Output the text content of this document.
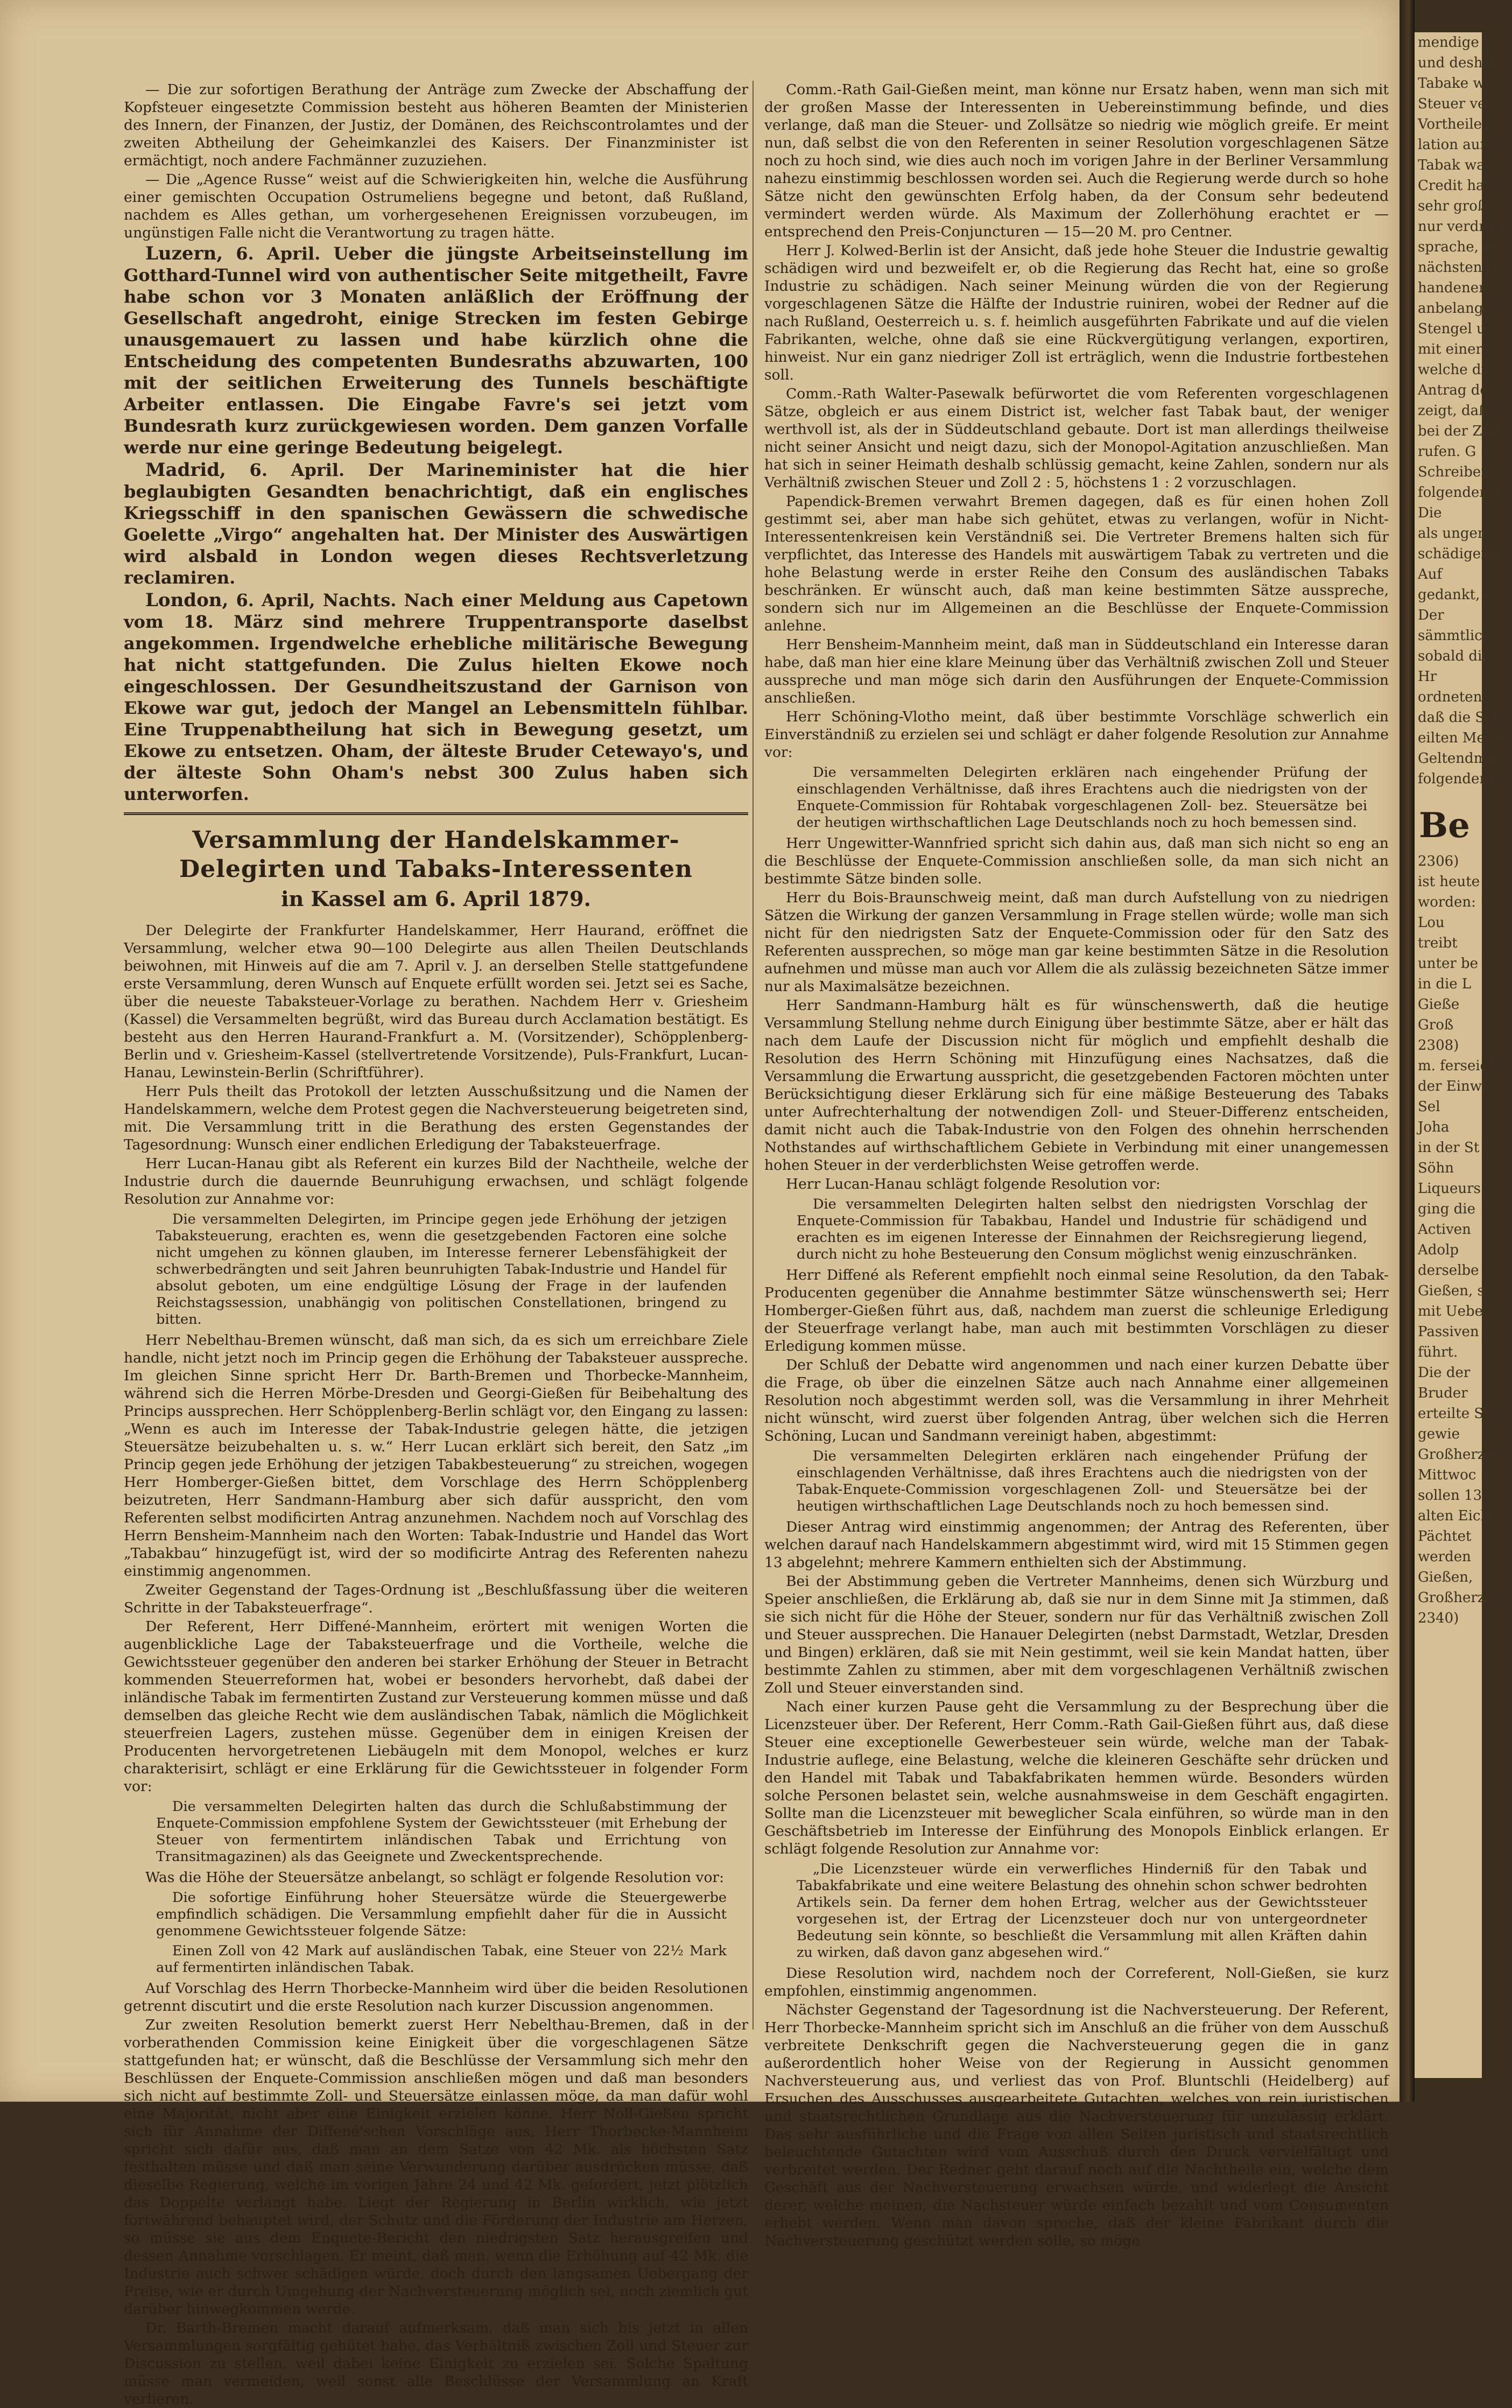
— Die zur sofortigen Berathung der Anträge zum Zwecke der Abschaffung der Kopfsteuer eingesetzte Commission besteht aus höheren Beamten der Ministerien des Innern, der Finanzen, der Justiz, der Domänen, des Reichscontrolamtes und der zweiten Abtheilung der Geheimkanzlei des Kaisers. Der Finanzminister ist ermächtigt, noch andere Fachmänner zuzuziehen.

— Die „Agence Russe“ weist auf die Schwierigkeiten hin, welche die Ausführung einer gemischten Occupation Ostrumeliens begegne und betont, daß Rußland, nachdem es Alles gethan, um vorhergesehenen Ereignissen vorzubeugen, im ungünstigen Falle nicht die Verantwortung zu tragen hätte.

Luzern, 6. April. Ueber die jüngste Arbeitseinstellung im Gotthard-Tunnel wird von authentischer Seite mitgetheilt, Favre habe schon vor 3 Monaten anläßlich der Eröffnung der Gesellschaft angedroht, einige Strecken im festen Gebirge unausgemauert zu lassen und habe kürzlich ohne die Entscheidung des competenten Bundesraths abzuwarten, 100 mit der seitlichen Erweiterung des Tunnels beschäftigte Arbeiter entlassen. Die Eingabe Favre's sei jetzt vom Bundesrath kurz zurückgewiesen worden. Dem ganzen Vorfalle werde nur eine geringe Bedeutung beigelegt.

Madrid, 6. April. Der Marineminister hat die hier beglaubigten Gesandten benachrichtigt, daß ein englisches Kriegsschiff in den spanischen Gewässern die schwedische Goelette „Virgo“ angehalten hat. Der Minister des Auswärtigen wird alsbald in London wegen dieses Rechtsverletzung reclamiren.

London, 6. April, Nachts. Nach einer Meldung aus Capetown vom 18. März sind mehrere Truppentransporte daselbst angekommen. Irgendwelche erhebliche militärische Bewegung hat nicht stattgefunden. Die Zulus hielten Ekowe noch eingeschlossen. Der Gesundheitszustand der Garnison von Ekowe war gut, jedoch der Mangel an Lebensmitteln fühlbar. Eine Truppenabtheilung hat sich in Bewegung gesetzt, um Ekowe zu entsetzen. Oham, der älteste Bruder Cetewayo's, und der älteste Sohn Oham's nebst 300 Zulus haben sich unterworfen.

Versammlung der Handelskammer-Delegirten und Tabaks-Interessenten
in Kassel am 6. April 1879.

Der Delegirte der Frankfurter Handelskammer, Herr Haurand, eröffnet die Versammlung, welcher etwa 90—100 Delegirte aus allen Theilen Deutschlands beiwohnen, mit Hinweis auf die am 7. April v. J. an derselben Stelle stattgefundene erste Versammlung, deren Wunsch auf Enquete erfüllt worden sei. Jetzt sei es Sache, über die neueste Tabaksteuer-Vorlage zu berathen. Nachdem Herr v. Griesheim (Kassel) die Versammelten begrüßt, wird das Bureau durch Acclamation bestätigt. Es besteht aus den Herren Haurand-Frankfurt a. M. (Vorsitzender), Schöpplenberg-Berlin und v. Griesheim-Kassel (stellvertretende Vorsitzende), Puls-Frankfurt, Lucan-Hanau, Lewinstein-Berlin (Schriftführer).

Herr Puls theilt das Protokoll der letzten Ausschußsitzung und die Namen der Handelskammern, welche dem Protest gegen die Nachversteuerung beigetreten sind, mit. Die Versammlung tritt in die Berathung des ersten Gegenstandes der Tagesordnung: Wunsch einer endlichen Erledigung der Tabaksteuerfrage.

Herr Lucan-Hanau gibt als Referent ein kurzes Bild der Nachtheile, welche der Industrie durch die dauernde Beunruhigung erwachsen, und schlägt folgende Resolution zur Annahme vor:

Die versammelten Delegirten, im Principe gegen jede Erhöhung der jetzigen Tabaksteuerung, erachten es, wenn die gesetzgebenden Factoren eine solche nicht umgehen zu können glauben, im Interesse fernerer Lebensfähigkeit der schwerbedrängten und seit Jahren beunruhigten Tabak-Industrie und Handel für absolut geboten, um eine endgültige Lösung der Frage in der laufenden Reichstagssession, unabhängig von politischen Constellationen, bringend zu bitten.

Herr Nebelthau-Bremen wünscht, daß man sich, da es sich um erreichbare Ziele handle, nicht jetzt noch im Princip gegen die Erhöhung der Tabaksteuer ausspreche. Im gleichen Sinne spricht Herr Dr. Barth-Bremen und Thorbecke-Mannheim, während sich die Herren Mörbe-Dresden und Georgi-Gießen für Beibehaltung des Princips aussprechen. Herr Schöpplenberg-Berlin schlägt vor, den Eingang zu lassen: „Wenn es auch im Interesse der Tabak-Industrie gelegen hätte, die jetzigen Steuersätze beizubehalten u. s. w.“ Herr Lucan erklärt sich bereit, den Satz „im Princip gegen jede Erhöhung der jetzigen Tabakbesteuerung“ zu streichen, wogegen Herr Homberger-Gießen bittet, dem Vorschlage des Herrn Schöpplenberg beizutreten, Herr Sandmann-Hamburg aber sich dafür ausspricht, den vom Referenten selbst modificirten Antrag anzunehmen. Nachdem noch auf Vorschlag des Herrn Bensheim-Mannheim nach den Worten: Tabak-Industrie und Handel das Wort „Tabakbau“ hinzugefügt ist, wird der so modificirte Antrag des Referenten nahezu einstimmig angenommen.

Zweiter Gegenstand der Tages-Ordnung ist „Beschlußfassung über die weiteren Schritte in der Tabaksteuerfrage“.

Der Referent, Herr Diffené-Mannheim, erörtert mit wenigen Worten die augenblickliche Lage der Tabaksteuerfrage und die Vortheile, welche die Gewichtssteuer gegenüber den anderen bei starker Erhöhung der Steuer in Betracht kommenden Steuerreformen hat, wobei er besonders hervorhebt, daß dabei der inländische Tabak im fermentirten Zustand zur Versteuerung kommen müsse und daß demselben das gleiche Recht wie dem ausländischen Tabak, nämlich die Möglichkeit steuerfreien Lagers, zustehen müsse. Gegenüber dem in einigen Kreisen der Producenten hervorgetretenen Liebäugeln mit dem Monopol, welches er kurz charakterisirt, schlägt er eine Erklärung für die Gewichtssteuer in folgender Form vor:

Die versammelten Delegirten halten das durch die Schlußabstimmung der Enquete-Commission empfohlene System der Gewichtssteuer (mit Erhebung der Steuer von fermentirtem inländischen Tabak und Errichtung von Transitmagazinen) als das Geeignete und Zweckentsprechende.

Was die Höhe der Steuersätze anbelangt, so schlägt er folgende Resolution vor:

Die sofortige Einführung hoher Steuersätze würde die Steuergewerbe empfindlich schädigen. Die Versammlung empfiehlt daher für die in Aussicht genommene Gewichtssteuer folgende Sätze:

Einen Zoll von 42 Mark auf ausländischen Tabak, eine Steuer von 22½ Mark auf fermentirten inländischen Tabak.

Auf Vorschlag des Herrn Thorbecke-Mannheim wird über die beiden Resolutionen getrennt discutirt und die erste Resolution nach kurzer Discussion angenommen.

Zur zweiten Resolution bemerkt zuerst Herr Nebelthau-Bremen, daß in der vorberathenden Commission keine Einigkeit über die vorgeschlagenen Sätze stattgefunden hat; er wünscht, daß die Beschlüsse der Versammlung sich mehr den Beschlüssen der Enquete-Commission anschließen mögen und daß man besonders sich nicht auf bestimmte Zoll- und Steuersätze einlassen möge, da man dafür wohl eine Majorität, nicht aber eine Einigkeit erzielen könne. Herr Noll-Gießen spricht sich für Annahme der Diffené'schen Vorschläge aus, Herr Thorbecke-Mannheim spricht sich dafür aus, daß man an dem Satze von 42 Mk. als höchsten Satz festhalten müsse und daß man seine Verwunderung darüber ausdrücken müsse, daß dieselbe Regierung, welche im vorigen Jahre 24 und 42 Mk. gefordert, jetzt plötzlich das Doppelte verlangt habe. Liegt der Regierung in Berlin wirklich, wie jetzt fortwährend behauptet wird, der Schutz und die Förderung der Industrie am Herzen, so müsse sie aus dem Enquete-Bericht den niedrigsten Satz herausgreifen und dessen Annahme vorschlagen. Er meint, daß man, wenn die Erhöhung auf 42 Mk. die Industrie auch schwer schädigen würde, doch durch den langsamen Uebergang der Preise, wie er durch Umgehung der Nachversteuerung möglich sei, noch ziemlich gut darüber hinwegkommen werde.

Dr. Barth-Bremen macht darauf aufmerksam, daß man sich bis jetzt in allen Versammlungen sorgfältig gehütet habe, das Verhältniß zwischen Zoll und Steuer zur Discussion zu stellen, weil dabei keine Einigkeit zu erzielen sei. Solche Spaltung müsse man vermeiden, weil sonst alle Beschlüsse der Versammlung an Kraft verlieren.

Comm.-Rath Gail-Gießen meint, man könne nur Ersatz haben, wenn man sich mit der großen Masse der Interessenten in Uebereinstimmung befinde, und dies verlange, daß man die Steuer- und Zollsätze so niedrig wie möglich greife. Er meint nun, daß selbst die von den Referenten in seiner Resolution vorgeschlagenen Sätze noch zu hoch sind, wie dies auch noch im vorigen Jahre in der Berliner Versammlung nahezu einstimmig beschlossen worden sei. Auch die Regierung werde durch so hohe Sätze nicht den gewünschten Erfolg haben, da der Consum sehr bedeutend vermindert werden würde. Als Maximum der Zollerhöhung erachtet er — entsprechend den Preis-Conjuncturen — 15—20 M. pro Centner.

Herr J. Kolwed-Berlin ist der Ansicht, daß jede hohe Steuer die Industrie gewaltig schädigen wird und bezweifelt er, ob die Regierung das Recht hat, eine so große Industrie zu schädigen. Nach seiner Meinung würden die von der Regierung vorgeschlagenen Sätze die Hälfte der Industrie ruiniren, wobei der Redner auf die nach Rußland, Oesterreich u. s. f. heimlich ausgeführten Fabrikate und auf die vielen Fabrikanten, welche, ohne daß sie eine Rückvergütigung verlangen, exportiren, hinweist. Nur ein ganz niedriger Zoll ist erträglich, wenn die Industrie fortbestehen soll.

Comm.-Rath Walter-Pasewalk befürwortet die vom Referenten vorgeschlagenen Sätze, obgleich er aus einem District ist, welcher fast Tabak baut, der weniger werthvoll ist, als der in Süddeutschland gebaute. Dort ist man allerdings theilweise nicht seiner Ansicht und neigt dazu, sich der Monopol-Agitation anzuschließen. Man hat sich in seiner Heimath deshalb schlüssig gemacht, keine Zahlen, sondern nur als Verhältniß zwischen Steuer und Zoll 2 : 5, höchstens 1 : 2 vorzuschlagen.

Papendick-Bremen verwahrt Bremen dagegen, daß es für einen hohen Zoll gestimmt sei, aber man habe sich gehütet, etwas zu verlangen, wofür in Nicht-Interessentenkreisen kein Verständniß sei. Die Vertreter Bremens halten sich für verpflichtet, das Interesse des Handels mit auswärtigem Tabak zu vertreten und die hohe Belastung werde in erster Reihe den Consum des ausländischen Tabaks beschränken. Er wünscht auch, daß man keine bestimmten Sätze ausspreche, sondern sich nur im Allgemeinen an die Beschlüsse der Enquete-Commission anlehne.

Herr Bensheim-Mannheim meint, daß man in Süddeutschland ein Interesse daran habe, daß man hier eine klare Meinung über das Verhältniß zwischen Zoll und Steuer ausspreche und man möge sich darin den Ausführungen der Enquete-Commission anschließen.

Herr Schöning-Vlotho meint, daß über bestimmte Vorschläge schwerlich ein Einverständniß zu erzielen sei und schlägt er daher folgende Resolution zur Annahme vor:

Die versammelten Delegirten erklären nach eingehender Prüfung der einschlagenden Verhältnisse, daß ihres Erachtens auch die niedrigsten von der Enquete-Commission für Rohtabak vorgeschlagenen Zoll- bez. Steuersätze bei der heutigen wirthschaftlichen Lage Deutschlands noch zu hoch bemessen sind.

Herr Ungewitter-Wannfried spricht sich dahin aus, daß man sich nicht so eng an die Beschlüsse der Enquete-Commission anschließen solle, da man sich nicht an bestimmte Sätze binden solle.

Herr du Bois-Braunschweig meint, daß man durch Aufstellung von zu niedrigen Sätzen die Wirkung der ganzen Versammlung in Frage stellen würde; wolle man sich nicht für den niedrigsten Satz der Enquete-Commission oder für den Satz des Referenten aussprechen, so möge man gar keine bestimmten Sätze in die Resolution aufnehmen und müsse man auch vor Allem die als zulässig bezeichneten Sätze immer nur als Maximalsätze bezeichnen.

Herr Sandmann-Hamburg hält es für wünschenswerth, daß die heutige Versammlung Stellung nehme durch Einigung über bestimmte Sätze, aber er hält das nach dem Laufe der Discussion nicht für möglich und empfiehlt deshalb die Resolution des Herrn Schöning mit Hinzufügung eines Nachsatzes, daß die Versammlung die Erwartung ausspricht, die gesetzgebenden Factoren möchten unter Berücksichtigung dieser Erklärung sich für eine mäßige Besteuerung des Tabaks unter Aufrechterhaltung der notwendigen Zoll- und Steuer-Differenz entscheiden, damit nicht auch die Tabak-Industrie von den Folgen des ohnehin herrschenden Nothstandes auf wirthschaftlichem Gebiete in Verbindung mit einer unangemessen hohen Steuer in der verderblichsten Weise getroffen werde.

Herr Lucan-Hanau schlägt folgende Resolution vor:

Die versammelten Delegirten halten selbst den niedrigsten Vorschlag der Enquete-Commission für Tabakbau, Handel und Industrie für schädigend und erachten es im eigenen Interesse der Einnahmen der Reichsregierung liegend, durch nicht zu hohe Besteuerung den Consum möglichst wenig einzuschränken.

Herr Diffené als Referent empfiehlt noch einmal seine Resolution, da den Tabak-Producenten gegenüber die Annahme bestimmter Sätze wünschenswerth sei; Herr Homberger-Gießen führt aus, daß, nachdem man zuerst die schleunige Erledigung der Steuerfrage verlangt habe, man auch mit bestimmten Vorschlägen zu dieser Erledigung kommen müsse.

Der Schluß der Debatte wird angenommen und nach einer kurzen Debatte über die Frage, ob über die einzelnen Sätze auch nach Annahme einer allgemeinen Resolution noch abgestimmt werden soll, was die Versammlung in ihrer Mehrheit nicht wünscht, wird zuerst über folgenden Antrag, über welchen sich die Herren Schöning, Lucan und Sandmann vereinigt haben, abgestimmt:

Die versammelten Delegirten erklären nach eingehender Prüfung der einschlagenden Verhältnisse, daß ihres Erachtens auch die niedrigsten von der Tabak-Enquete-Commission vorgeschlagenen Zoll- und Steuersätze bei der heutigen wirthschaftlichen Lage Deutschlands noch zu hoch bemessen sind.

Dieser Antrag wird einstimmig angenommen; der Antrag des Referenten, über welchen darauf nach Handelskammern abgestimmt wird, wird mit 15 Stimmen gegen 13 abgelehnt; mehrere Kammern enthielten sich der Abstimmung.

Bei der Abstimmung geben die Vertreter Mannheims, denen sich Würzburg und Speier anschließen, die Erklärung ab, daß sie nur in dem Sinne mit Ja stimmen, daß sie sich nicht für die Höhe der Steuer, sondern nur für das Verhältniß zwischen Zoll und Steuer aussprechen. Die Hanauer Delegirten (nebst Darmstadt, Wetzlar, Dresden und Bingen) erklären, daß sie mit Nein gestimmt, weil sie kein Mandat hatten, über bestimmte Zahlen zu stimmen, aber mit dem vorgeschlagenen Verhältniß zwischen Zoll und Steuer einverstanden sind.

Nach einer kurzen Pause geht die Versammlung zu der Besprechung über die Licenzsteuer über. Der Referent, Herr Comm.-Rath Gail-Gießen führt aus, daß diese Steuer eine exceptionelle Gewerbesteuer sein würde, welche man der Tabak-Industrie auflege, eine Belastung, welche die kleineren Geschäfte sehr drücken und den Handel mit Tabak und Tabakfabrikaten hemmen würde. Besonders würden solche Personen belastet sein, welche ausnahmsweise in dem Geschäft engagirten. Sollte man die Licenzsteuer mit beweglicher Scala einführen, so würde man in den Geschäftsbetrieb im Interesse der Einführung des Monopols Einblick erlangen. Er schlägt folgende Resolution zur Annahme vor:

„Die Licenzsteuer würde ein verwerfliches Hinderniß für den Tabak und Tabakfabrikate und eine weitere Belastung des ohnehin schon schwer bedrohten Artikels sein. Da ferner dem hohen Ertrag, welcher aus der Gewichtssteuer vorgesehen ist, der Ertrag der Licenzsteuer doch nur von untergeordneter Bedeutung sein könnte, so beschließt die Versammlung mit allen Kräften dahin zu wirken, daß davon ganz abgesehen wird.“

Diese Resolution wird, nachdem noch der Correferent, Noll-Gießen, sie kurz empfohlen, einstimmig angenommen.

Nächster Gegenstand der Tagesordnung ist die Nachversteuerung. Der Referent, Herr Thorbecke-Mannheim spricht sich im Anschluß an die früher von dem Ausschuß verbreitete Denkschrift gegen die Nachversteuerung gegen die in ganz außerordentlich hoher Weise von der Regierung in Aussicht genommen Nachversteuerung aus, und verliest das von Prof. Bluntschli (Heidelberg) auf Ersuchen des Ausschusses ausgearbeitete Gutachten, welches von rein juristischen und staatsrechtlichen Grundlage aus die Nachversteuerung für unzulässig erklärt. Das sehr ausführliche und die Frage von allen Seiten juristisch und staatsrechtlich beleuchtende Gutachten wird vom Ausschuß durch den Druck vervielfältigt und verbreitet werden. Der Redner geht darauf noch auf die Nachtheile ein, welche dem Geschäft aus der Nachversteuerung erwachsen würde, und widerlegt die Ansicht derer, welche meinen, die Nachsteuer würde einfach bezahlt und vom Consumenten erhebt werden. Wenn man davon spreche, daß der kleine Fabrikant durch die Nachversteuerung geschützt werden solle, so möge

mendige S
und deshal
Tabake we
Steuer ver
Vortheile z
lation auf
Tabak war
Credit habe
sehr große
nur verdräng
sprache, zu
nächsten Jal
handenen V
anbelangt,
Stengel un
mit einer
welche die
Antrag der
zeigt, daß
bei der Zeit
rufen. G
Schreiben d
folgender A
Die
als ungerec
schädigend
Auf
gedankt, ob
Der
sämmtlicher
sobald die G
Hr
ordneten sel
daß die Sch
eilten Meinu
Geltendmach
folgender Re
Be
2306)
ist heute
worden:
Lou
treibt
unter be
in die L
Gieße
Groß
2308)
m. ferseich
der Einwo
Sel
Joha
in der St
Söhn
Liqueurs
ging die
Activen
Adolp
derselbe
Gießen, s
mit Uebe
Passiven
führt.
Die der
Bruder
erteilte S
gewie
Großherzog
Mittwoc
sollen 13
alten Eich
Pächtet
werden
Gießen,
Großherzog
2340)
